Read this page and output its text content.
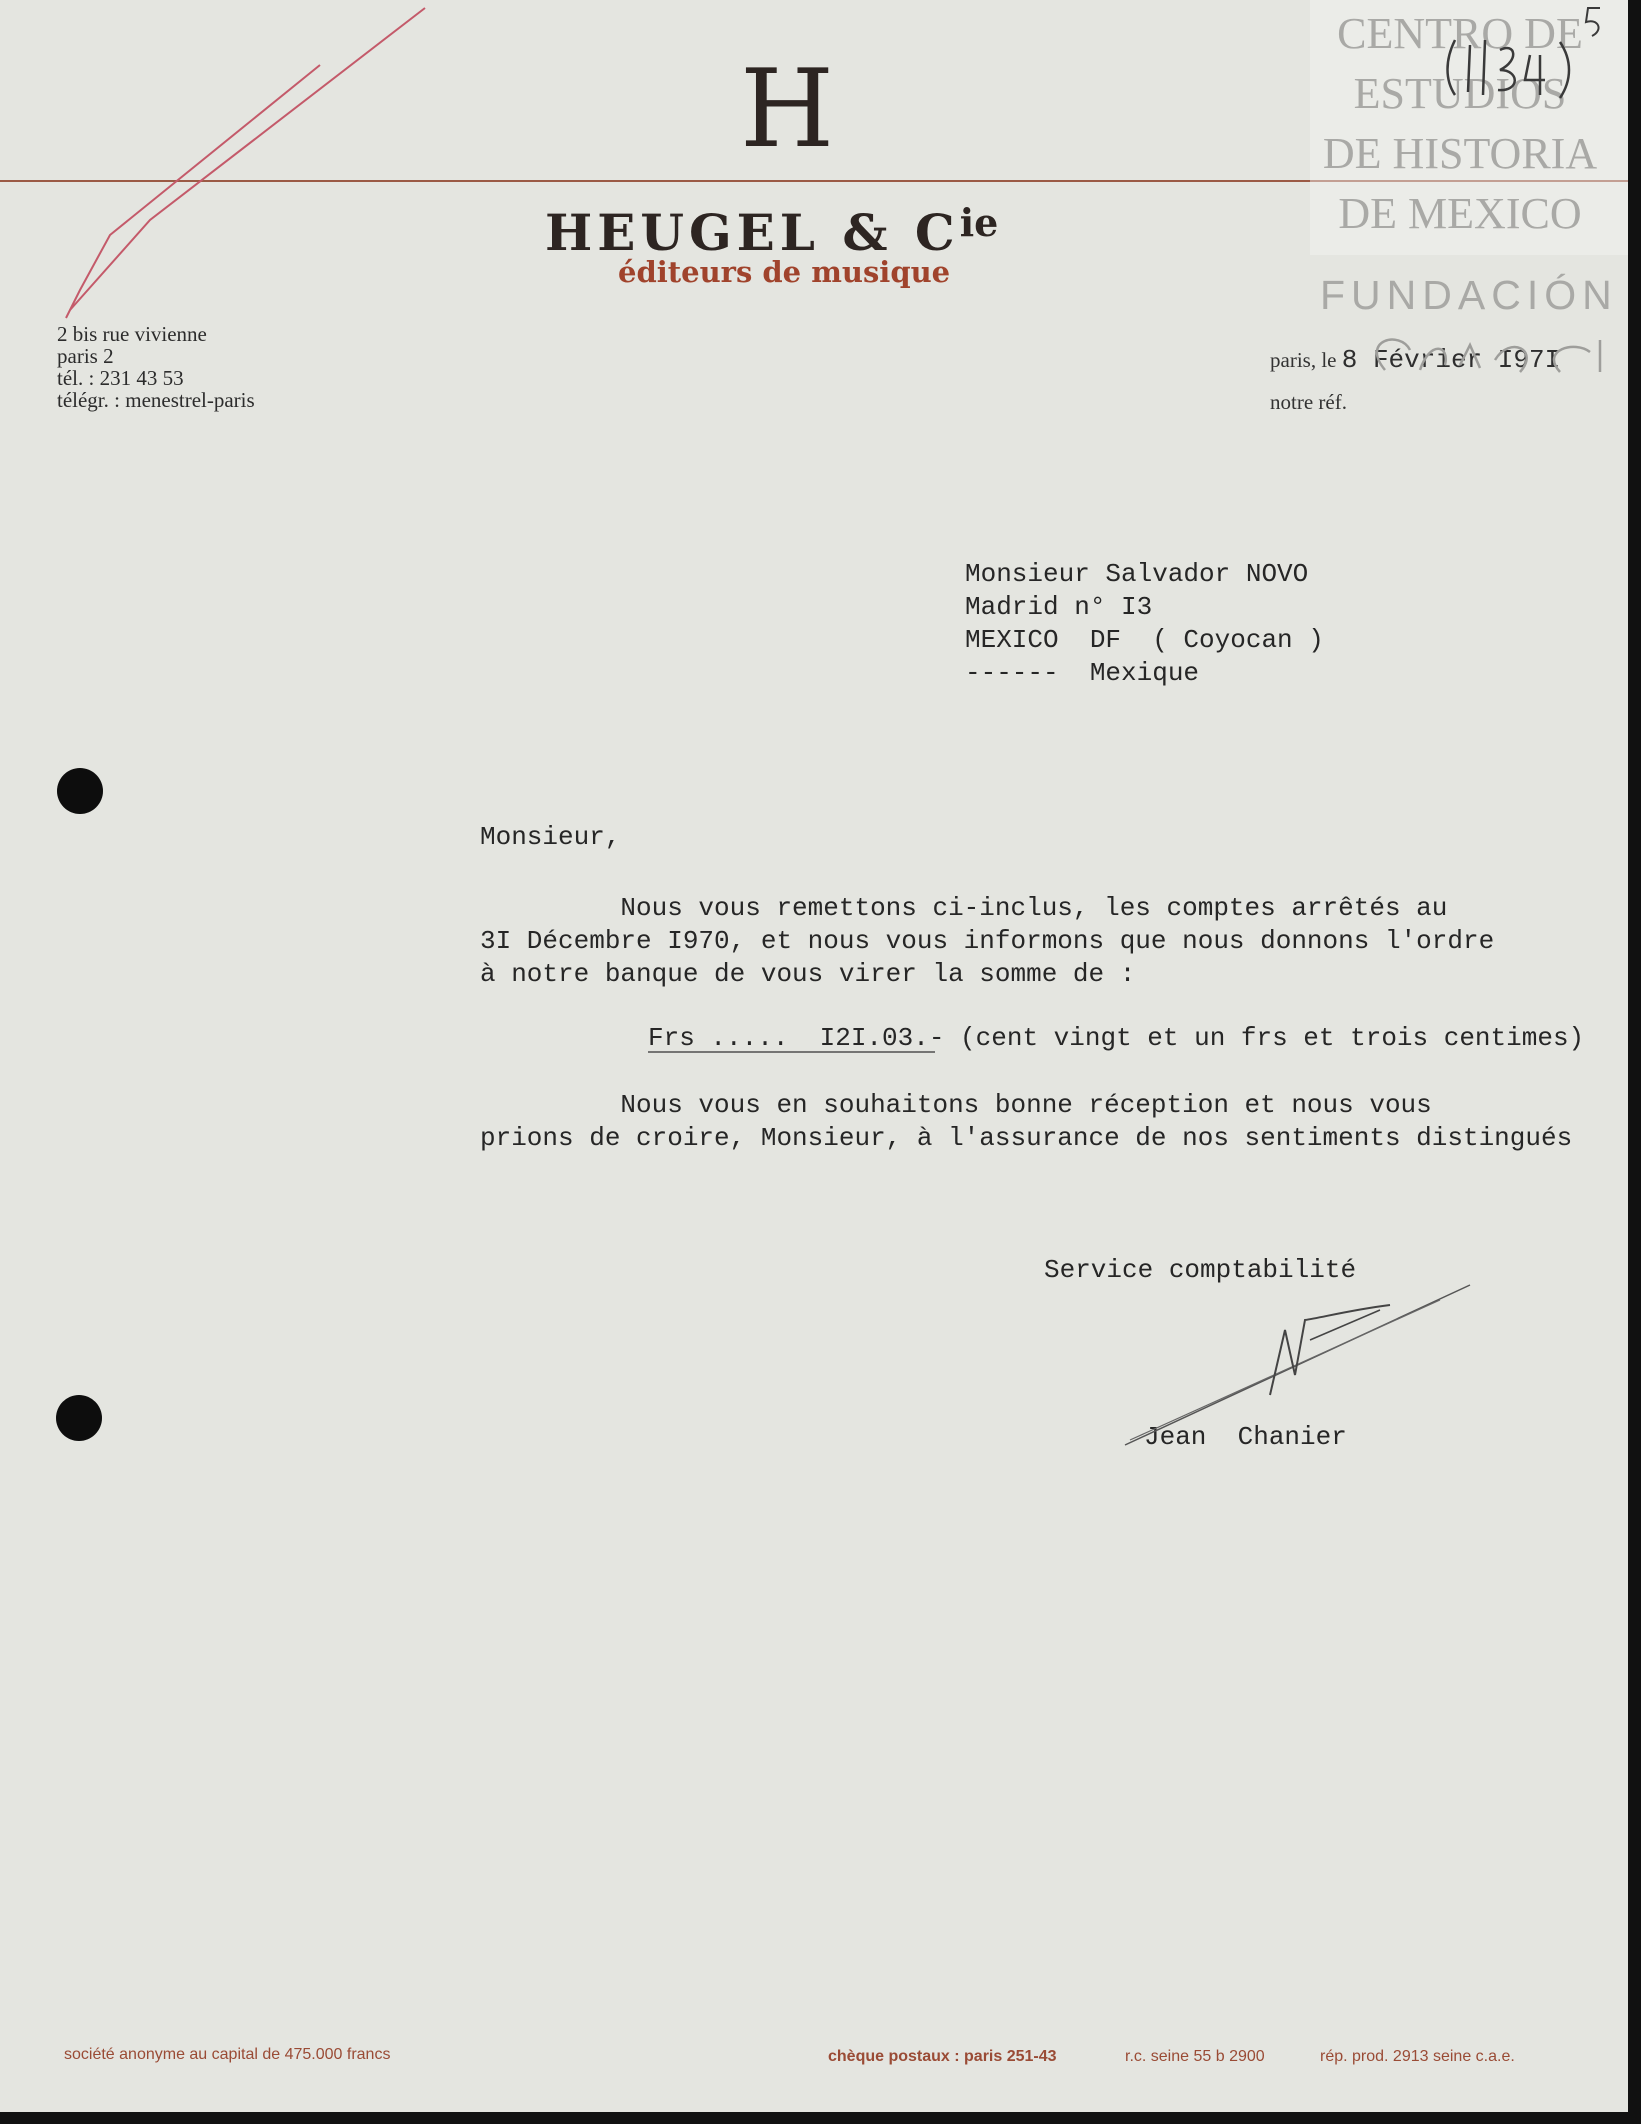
H
HEUGEL & $C^{ie}$
éditeurs de musique
2 bis rue vivienne
paris 2
tél. : 231 43 53
télégr. : menestrel-paris
paris, le 8 Février I97I
notre réf.
CENTRO DE
ESTUDIOS
DE HISTORIA
DE MEXICO
FUNDACIÓN
Monsieur Salvador NOVO
Madrid n° I3
MEXICO  DF  ( Coyocan )
------  Mexique
Monsieur,
Nous vous remettons ci-inclus, les comptes arrêtés au
3I Décembre I970, et nous vous informons que nous donnons l'ordre
à notre banque de vous virer la somme de :
Frs .....  I2I.03.- (cent vingt et un frs et trois centimes)
Nous vous en souhaitons bonne réception et nous vous
prions de croire, Monsieur, à l'assurance de nos sentiments distingués
Service comptabilité
Jean  Chanier
société anonyme au capital de 475.000 francs	chèque postaux : paris 251-43	r.c. seine 55 b 2900	rép. prod. 2913 seine c.a.e.
